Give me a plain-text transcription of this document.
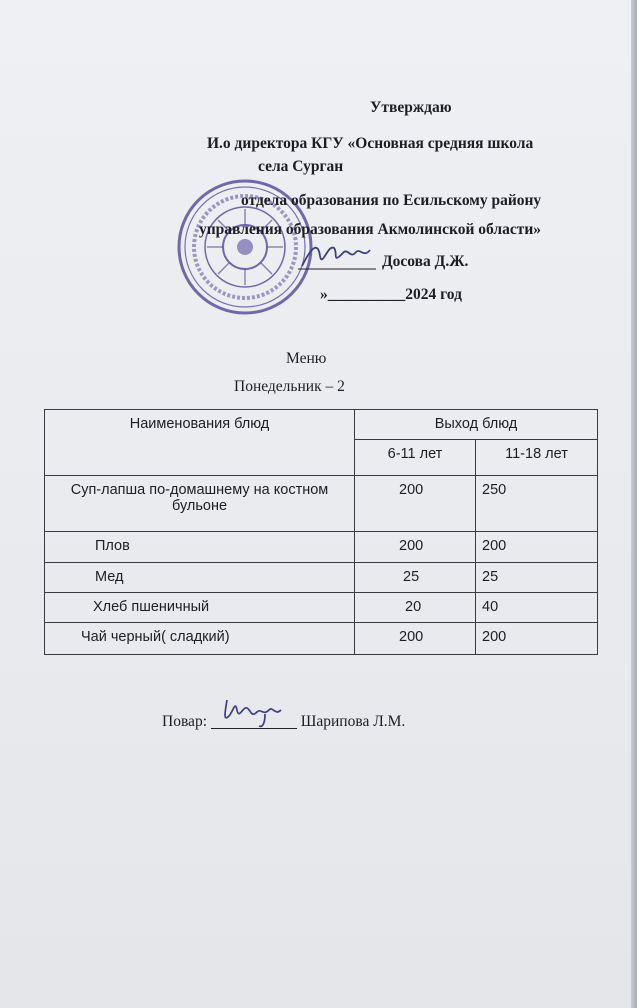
Утверждаю
И.о директора КГУ «Основная средняя школа
села Сурган
отдела образования по Есильскому району
управления образования Акмолинской области»
Досова Д.Ж.
»__________2024 год
Меню
Понедельник – 2
Наименования блюд	Выход блюд	
	6-11 лет	11-18 лет
Суп-лапша по-домашнему на костном бульоне	200	250
Плов	200	200
Мед	25	25
Хлеб пшеничный	20	40
Чай черный( сладкий)	200	200
Повар:	Шарипова Л.М.
